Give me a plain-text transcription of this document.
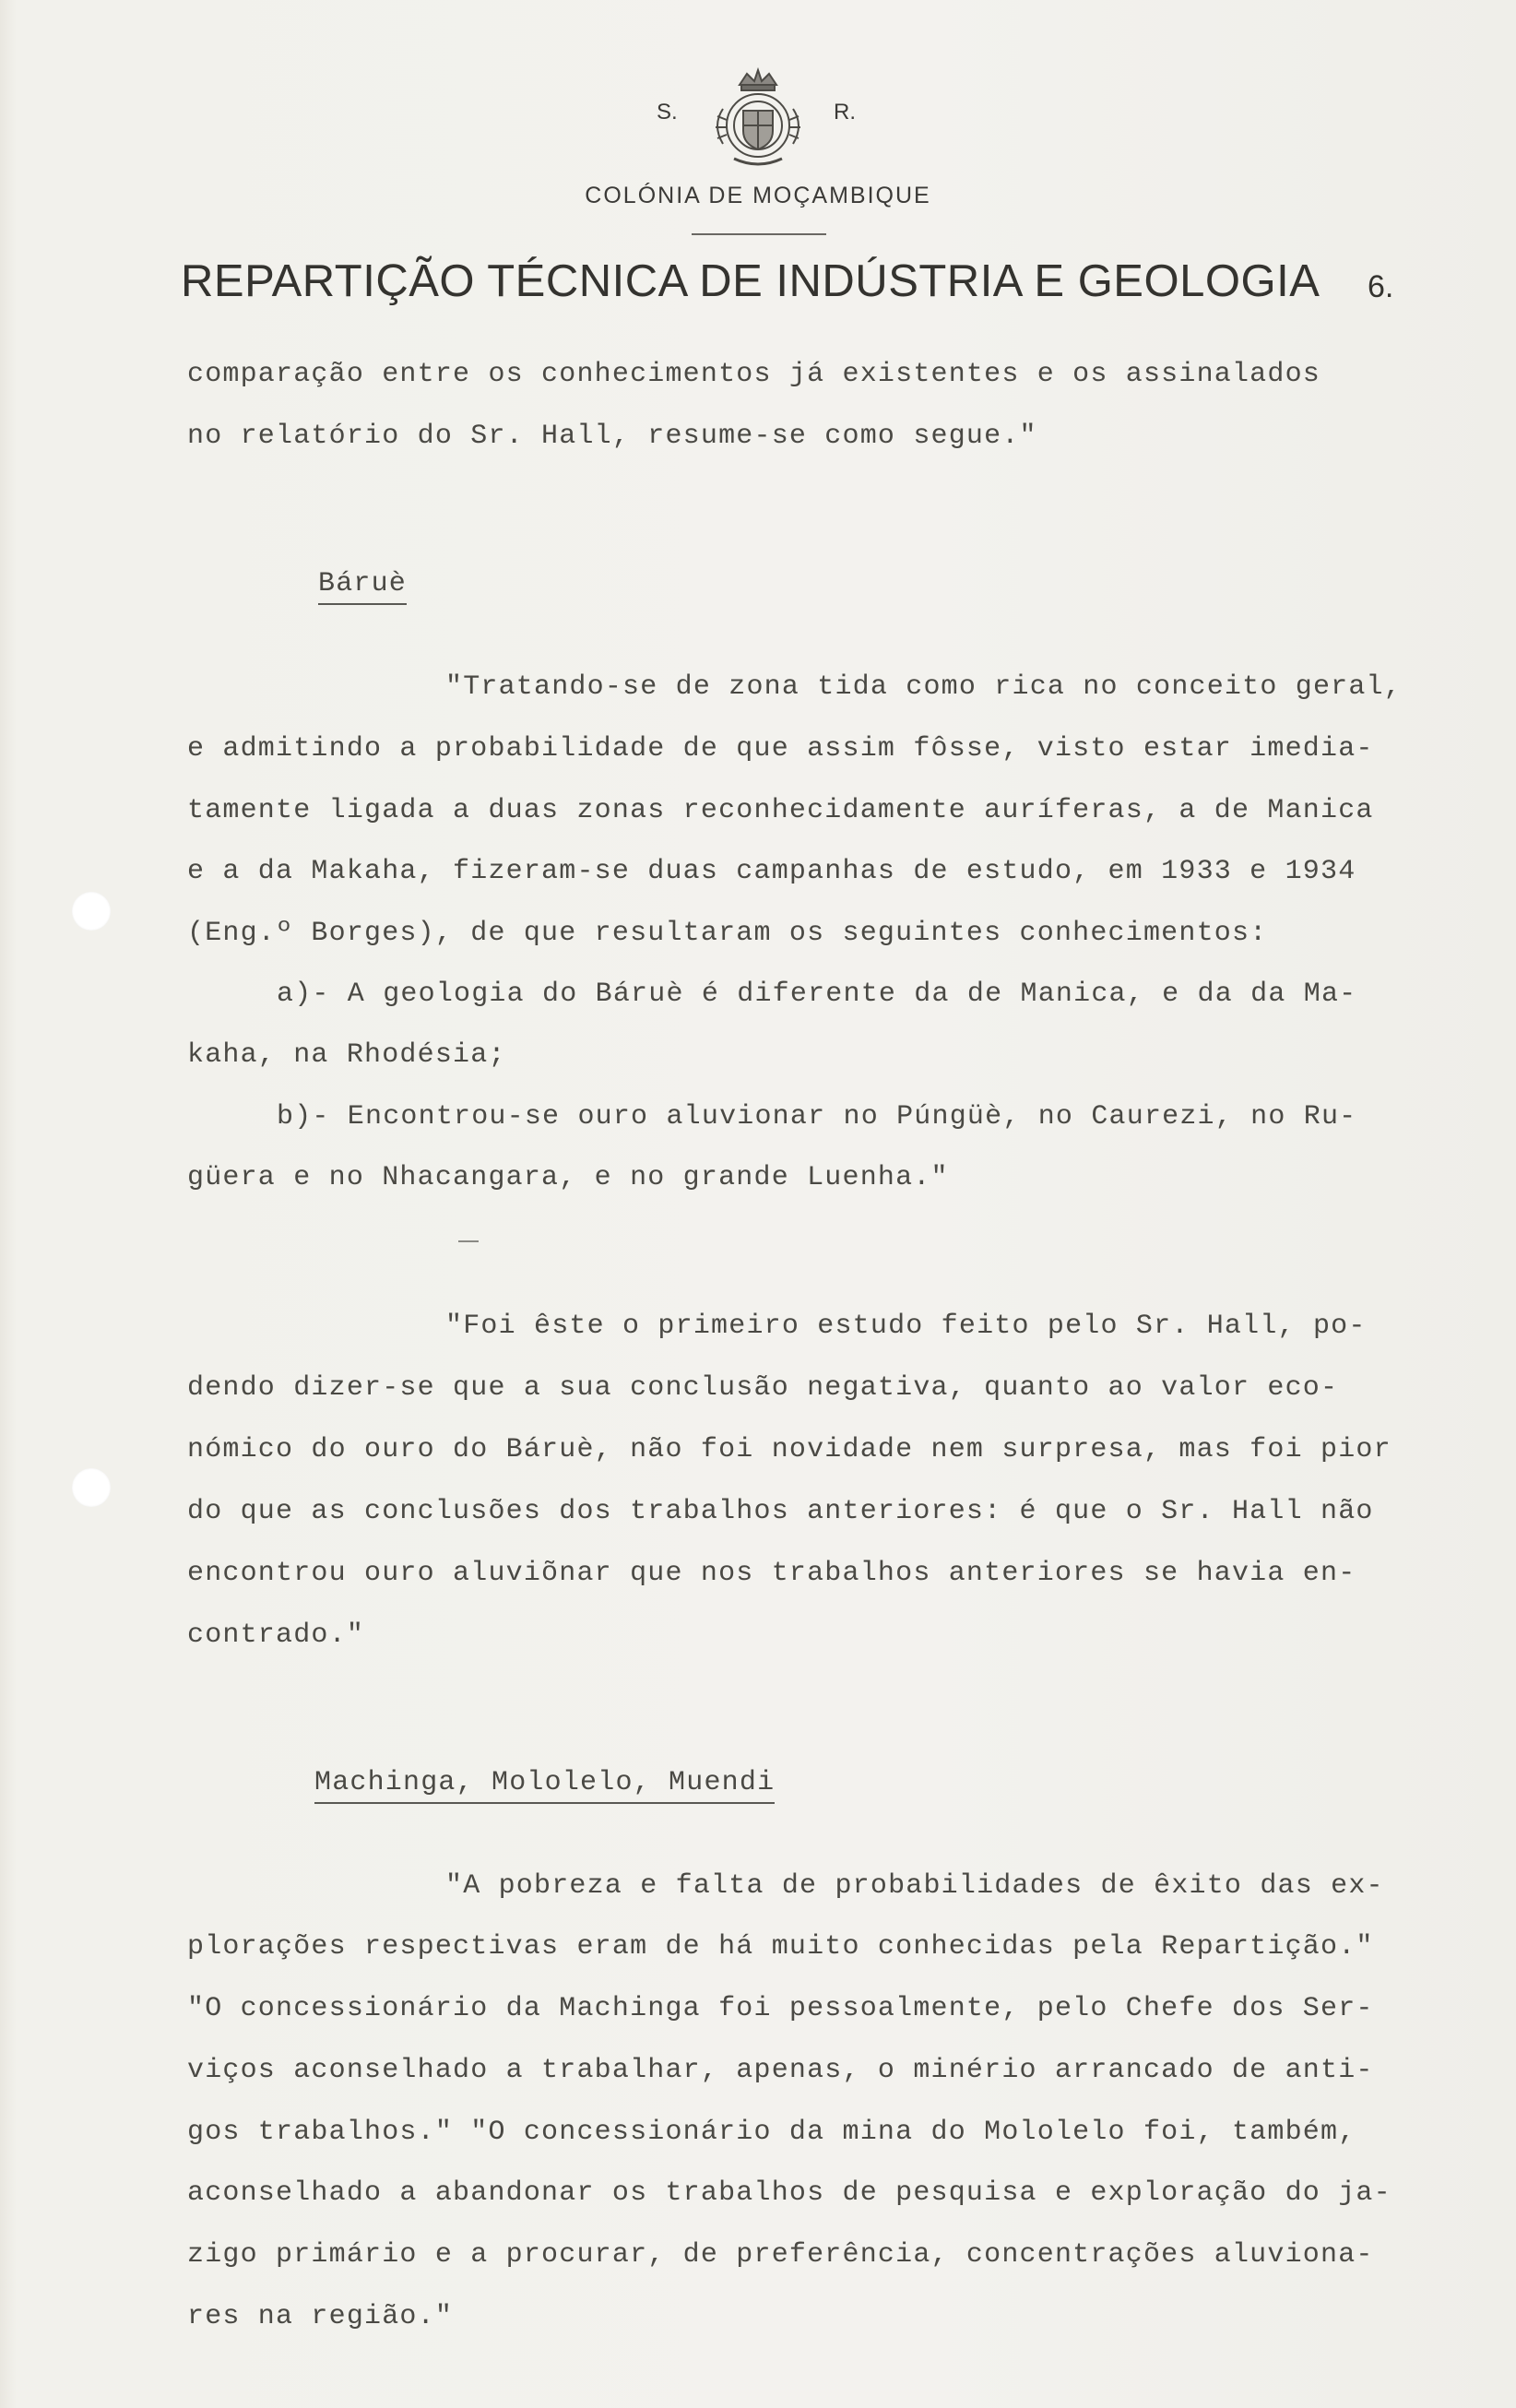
S.	R.
COLÓNIA DE MOÇAMBIQUE
REPARTIÇÃO TÉCNICA DE INDÚSTRIA E GEOLOGIA 6.
comparação entre os conhecimentos já existentes e os assinalados
no relatório do Sr. Hall, resume-se como segue."
Báruè
"Tratando-se de zona tida como rica no conceito geral,
e admitindo a probabilidade de que assim fôsse, visto estar imedia-
tamente ligada a duas zonas reconhecidamente auríferas, a de Manica
e a da Makaha, fizeram-se duas campanhas de estudo, em 1933 e 1934
(Eng.º Borges), de que resultaram os seguintes conhecimentos:
a)- A geologia do Báruè é diferente da de Manica, e da da Ma-
kaha, na Rhodésia;
b)- Encontrou-se ouro aluvionar no Púngüè, no Caurezi, no Ru-
güera e no Nhacangara, e no grande Luenha."
"Foi êste o primeiro estudo feito pelo Sr. Hall, po-
dendo dizer-se que a sua conclusão negativa, quanto ao valor eco-
nómico do ouro do Báruè, não foi novidade nem surpresa, mas foi pior
do que as conclusões dos trabalhos anteriores: é que o Sr. Hall não
encontrou ouro aluviõnar que nos trabalhos anteriores se havia en-
contrado."
Machinga, Mololelo, Muendi
"A pobreza e falta de probabilidades de êxito das ex-
plorações respectivas eram de há muito conhecidas pela Repartição."
"O concessionário da Machinga foi pessoalmente, pelo Chefe dos Ser-
viços aconselhado a trabalhar, apenas, o minério arrancado de anti-
gos trabalhos." "O concessionário da mina do Mololelo foi, também,
aconselhado a abandonar os trabalhos de pesquisa e exploração do ja-
zigo primário e a procurar, de preferência, concentrações aluviona-
res na região."
